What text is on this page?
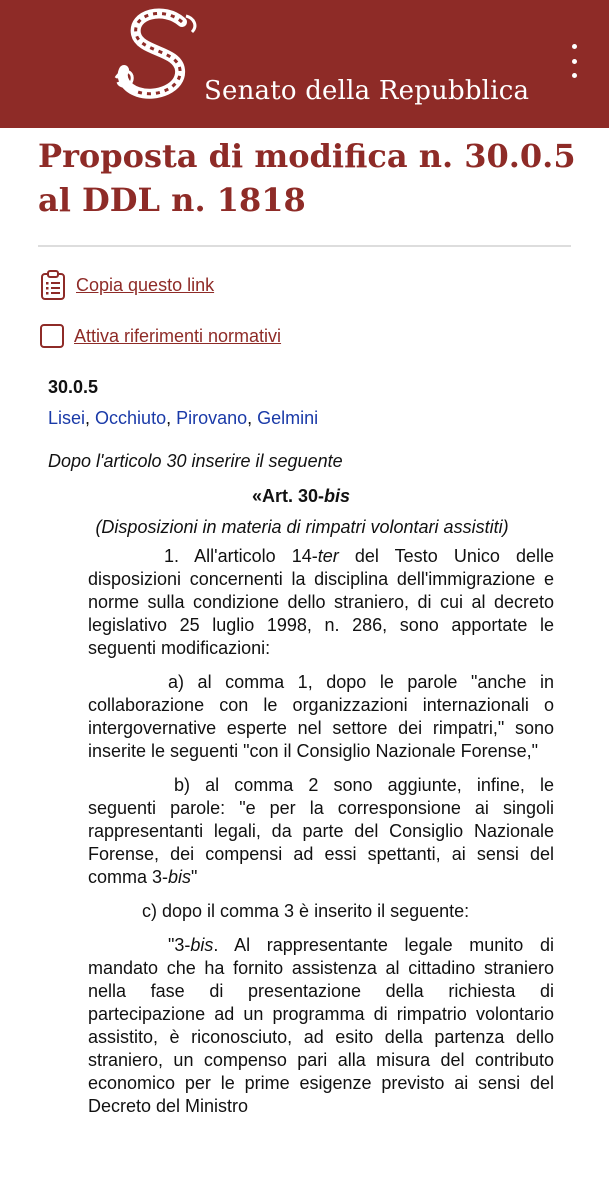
Senato della Repubblica
Proposta di modifica n. 30.0.5 al DDL n. 1818
Copia questo link
Attiva riferimenti normativi

30.0.5

Lisei, Occhiuto, Pirovano, Gelmini

Dopo l'articolo 30 inserire il seguente

«Art. 30-bis

(Disposizioni in materia di rimpatri volontari assistiti)

1. All'articolo 14-ter del Testo Unico delle disposizioni concernenti la disciplina dell'immigrazione e norme sulla condizione dello straniero, di cui al decreto legislativo 25 luglio 1998, n. 286, sono apportate le seguenti modificazioni:

a) al comma 1, dopo le parole "anche in collaborazione con le organizzazioni internazionali o intergovernative esperte nel settore dei rimpatri," sono inserite le seguenti "con il Consiglio Nazionale Forense,"

b) al comma 2 sono aggiunte, infine, le seguenti parole: "e per la corresponsione ai singoli rappresentanti legali, da parte del Consiglio Nazionale Forense, dei compensi ad essi spettanti, ai sensi del comma 3-bis"

c) dopo il comma 3 è inserito il seguente:

"3-bis. Al rappresentante legale munito di mandato che ha fornito assistenza al cittadino straniero nella fase di presentazione della richiesta di partecipazione ad un programma di rimpatrio volontario assistito, è riconosciuto, ad esito della partenza dello straniero, un compenso pari alla misura del contributo economico per le prime esigenze previsto ai sensi del Decreto del Ministro
